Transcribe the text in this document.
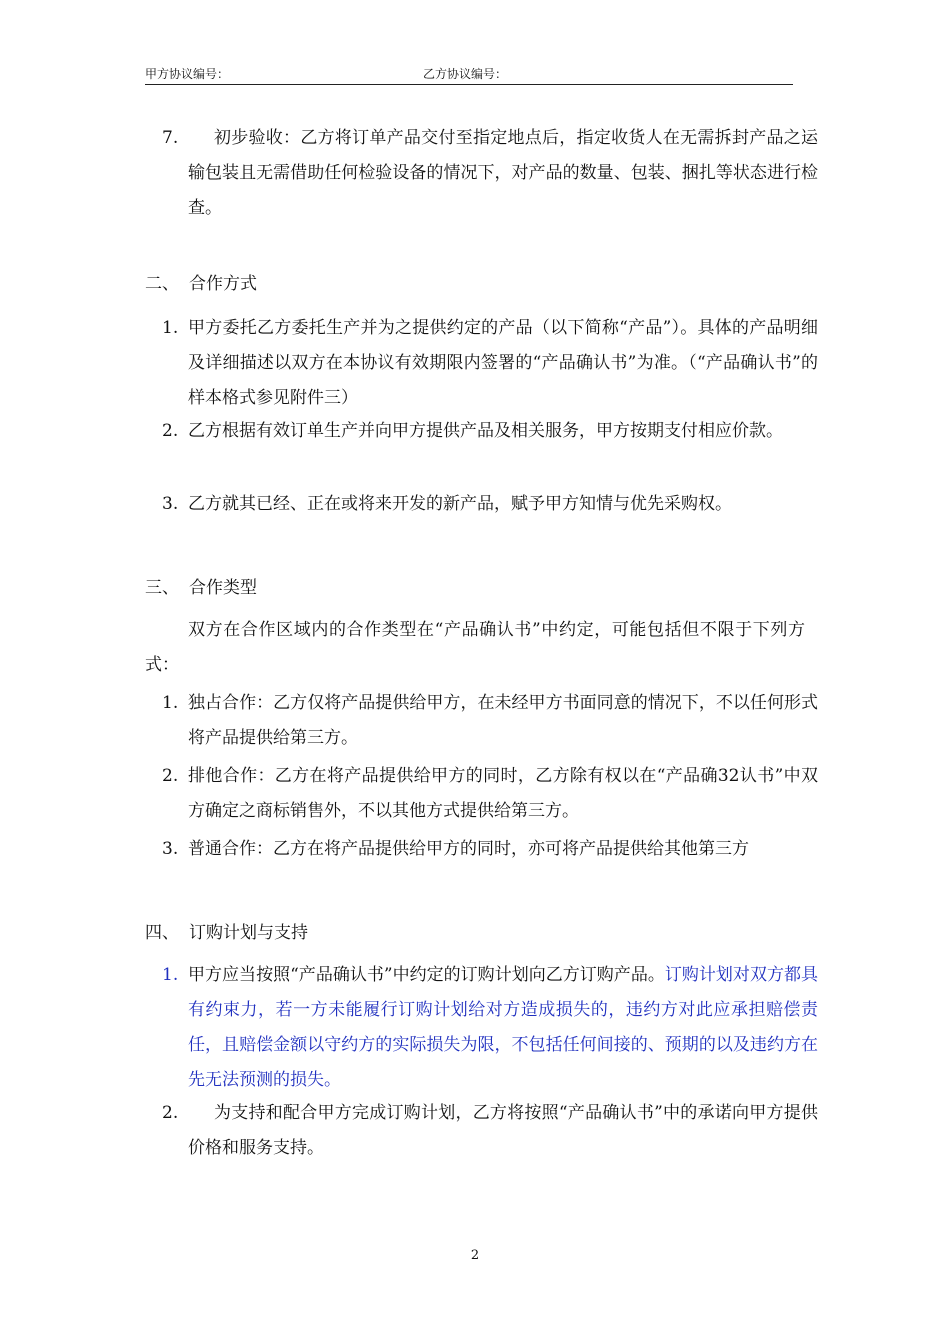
甲方协议编号：	乙方协议编号：
7.	初步验收：乙方将订单产品交付至指定地点后，指定收货人在无需拆封产品之运输包装且无需借助任何检验设备的情况下，对产品的数量、包装、捆扎等状态进行检查。
二、 合作方式
1. 甲方委托乙方委托生产并为之提供约定的产品（以下简称“产品”）。具体的产品明细及详细描述以双方在本协议有效期限内签署的“产品确认书”为准。（“产品确认书”的样本格式参见附件三）
2. 乙方根据有效订单生产并向甲方提供产品及相关服务，甲方按期支付相应价款。
3. 乙方就其已经、正在或将来开发的新产品，赋予甲方知情与优先采购权。
三、 合作类型
双方在合作区域内的合作类型在“产品确认书”中约定，可能包括但不限于下列方式：
1. 独占合作：乙方仅将产品提供给甲方，在未经甲方书面同意的情况下，不以任何形式将产品提供给第三方。
2. 排他合作：乙方在将产品提供给甲方的同时，乙方除有权以在“产品确32认书”中双方确定之商标销售外，不以其他方式提供给第三方。
3. 普通合作：乙方在将产品提供给甲方的同时，亦可将产品提供给其他第三方
四、 订购计划与支持
1. 甲方应当按照“产品确认书”中约定的订购计划向乙方订购产品。订购计划对双方都具有约束力，若一方未能履行订购计划给对方造成损失的，违约方对此应承担赔偿责任，且赔偿金额以守约方的实际损失为限，不包括任何间接的、预期的以及违约方在先无法预测的损失。
2.	为支持和配合甲方完成订购计划，乙方将按照“产品确认书”中的承诺向甲方提供价格和服务支持。
2
